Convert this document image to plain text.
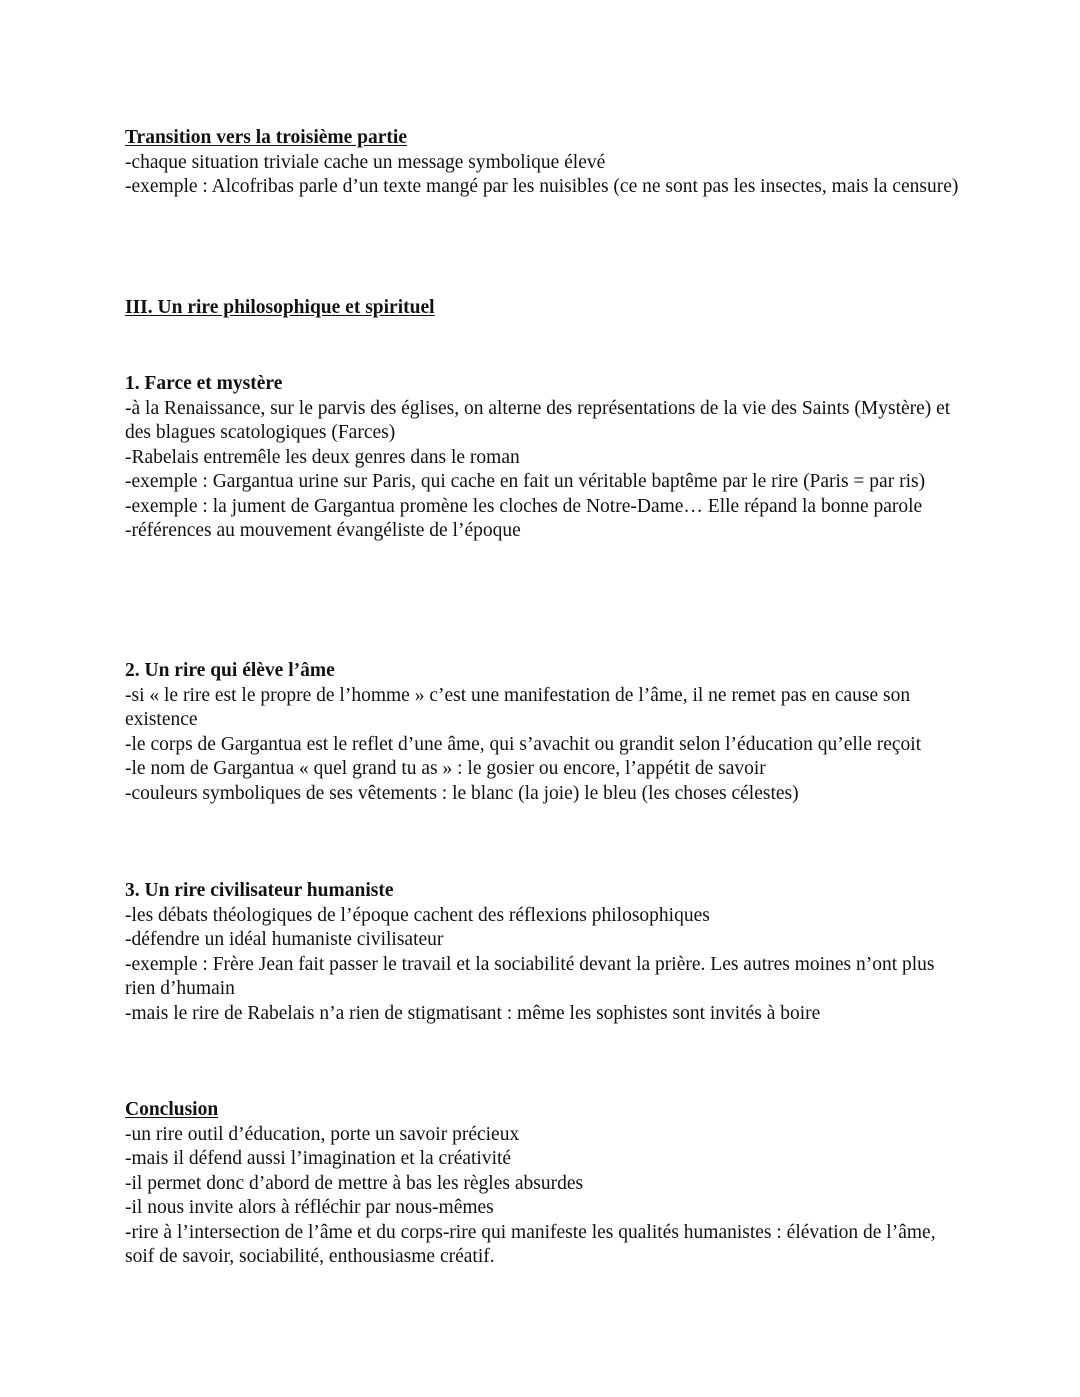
Transition vers la troisième partie
-chaque situation triviale cache un message symbolique élevé
-exemple : Alcofribas parle d’un texte mangé par les nuisibles (ce ne sont pas les insectes, mais la censure)
III. Un rire philosophique et spirituel
1. Farce et mystère
-à la Renaissance, sur le parvis des églises, on alterne des représentations de la vie des Saints (Mystère) et des blagues scatologiques (Farces)
-Rabelais entremêle les deux genres dans le roman
-exemple : Gargantua urine sur Paris, qui cache en fait un véritable baptême par le rire (Paris = par ris)
-exemple : la jument de Gargantua promène les cloches de Notre-Dame… Elle répand la bonne parole
-références au mouvement évangéliste de l’époque
2. Un rire qui élève l’âme
-si « le rire est le propre de l’homme » c’est une manifestation de l’âme, il ne remet pas en cause son existence
-le corps de Gargantua est le reflet d’une âme, qui s’avachit ou grandit selon l’éducation qu’elle reçoit
-le nom de Gargantua « quel grand tu as » : le gosier ou encore, l’appétit de savoir
-couleurs symboliques de ses vêtements : le blanc (la joie) le bleu (les choses célestes)
3. Un rire civilisateur humaniste
-les débats théologiques de l’époque cachent des réflexions philosophiques
-défendre un idéal humaniste civilisateur
-exemple : Frère Jean fait passer le travail et la sociabilité devant la prière. Les autres moines n’ont plus rien d’humain
-mais le rire de Rabelais n’a rien de stigmatisant : même les sophistes sont invités à boire
Conclusion
-un rire outil d’éducation, porte un savoir précieux
-mais il défend aussi l’imagination et la créativité
-il permet donc d’abord de mettre à bas les règles absurdes
-il nous invite alors à réfléchir par nous-mêmes
-rire à l’intersection de l’âme et du corps-rire qui manifeste les qualités humanistes : élévation de l’âme, soif de savoir, sociabilité, enthousiasme créatif.
